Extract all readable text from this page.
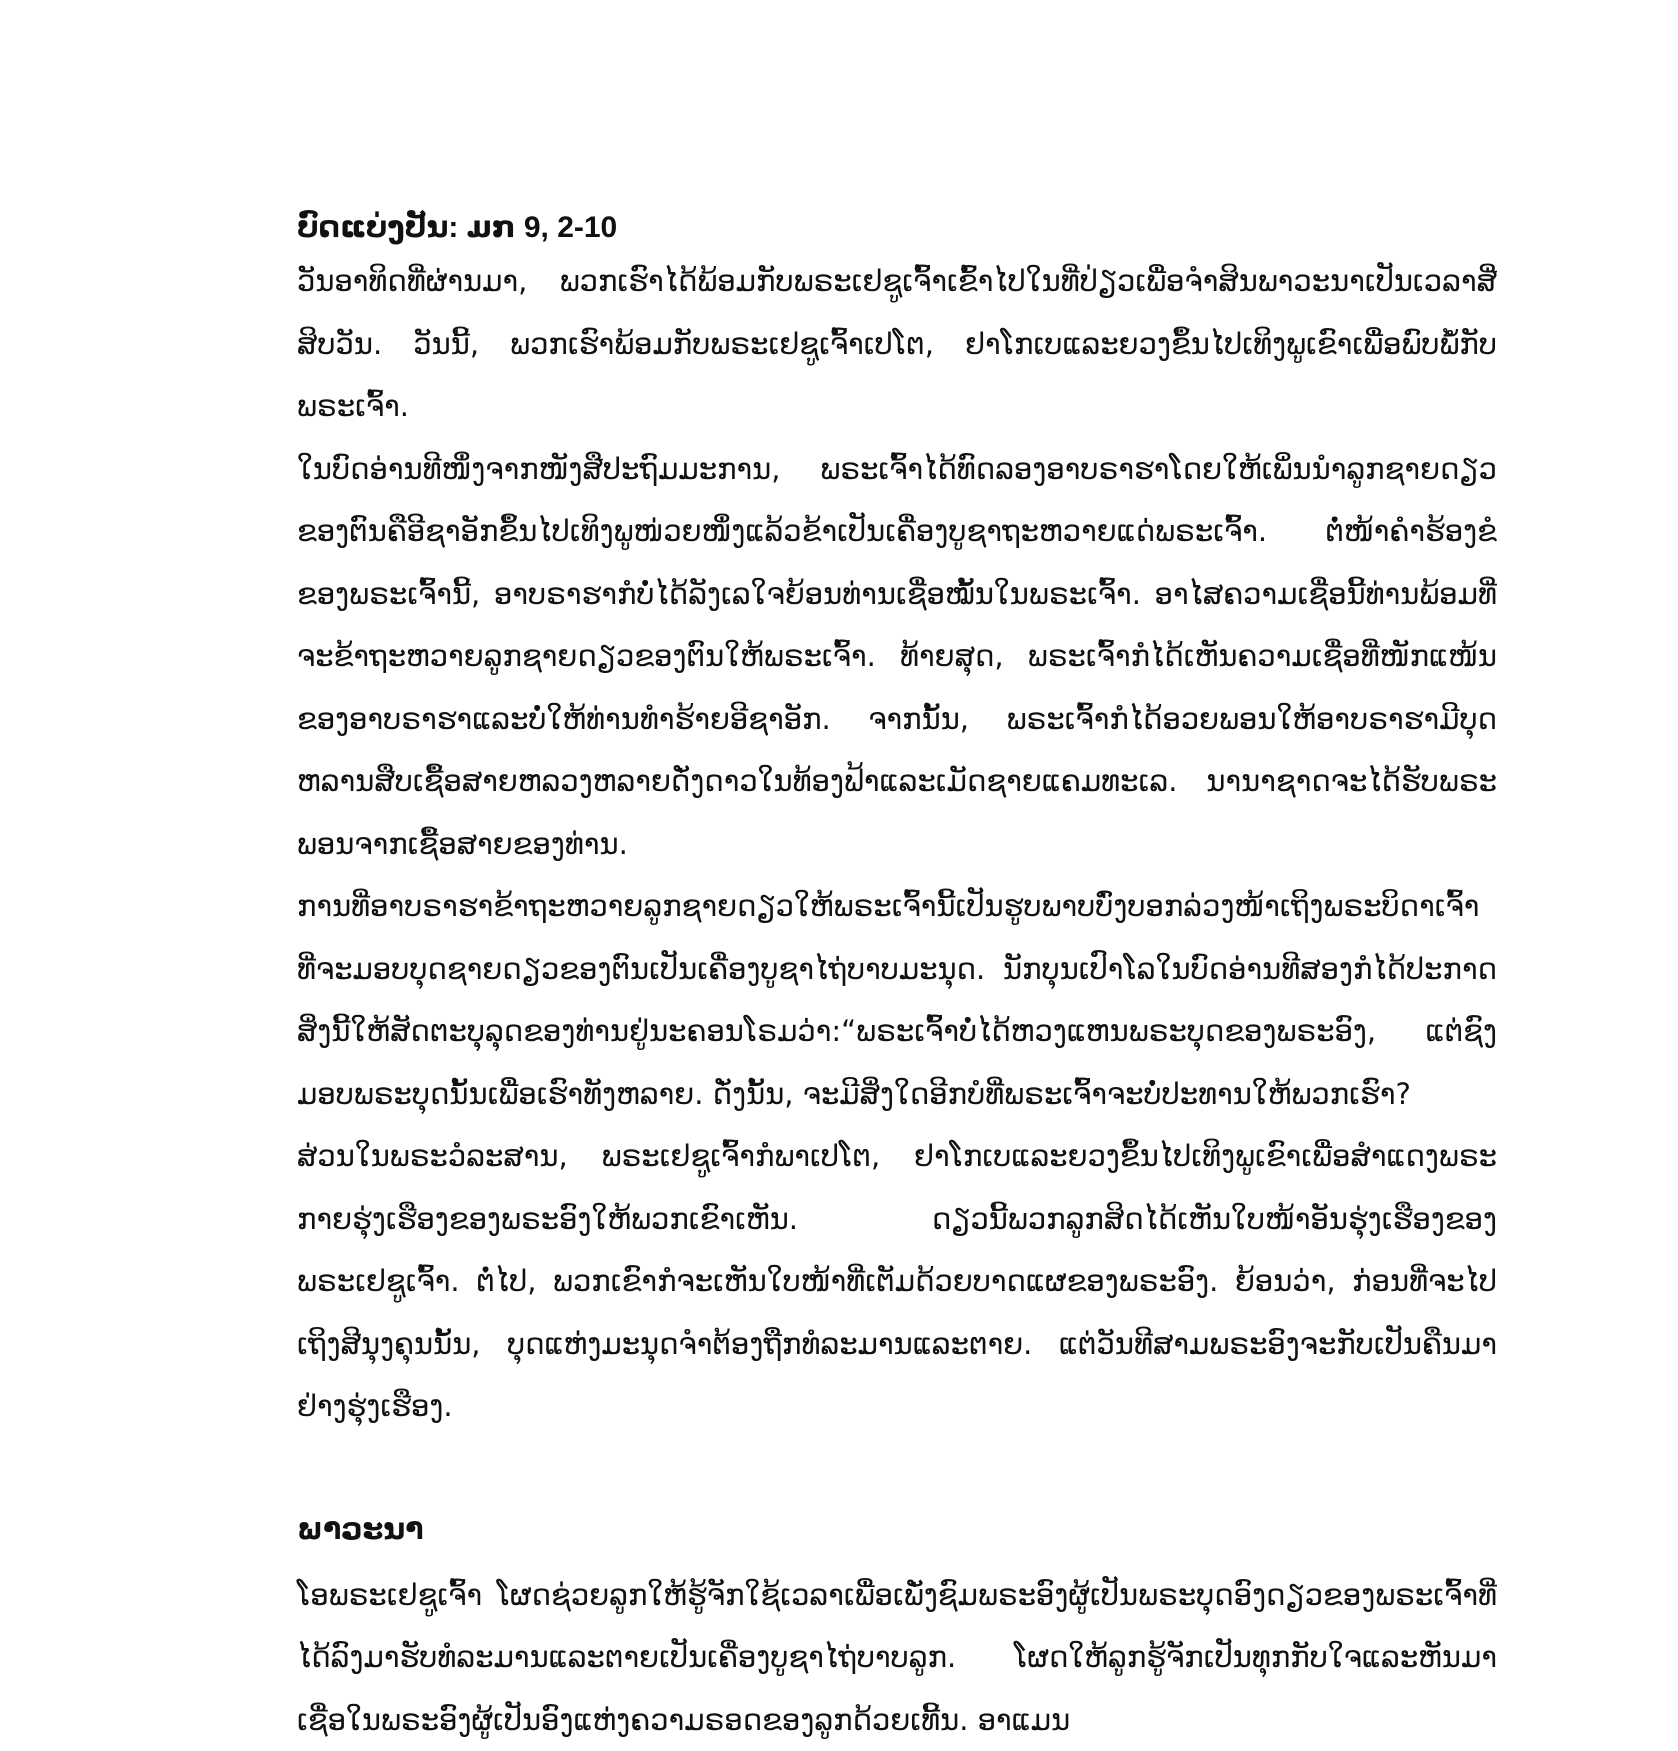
ບົດແບ່ງປັນ: ມກ 9, 2-10

ວັນອາທິດທີ່ຜ່ານມາ, ພວກເຮົາໄດ້ພ້ອມກັບພຣະເຢຊູເຈົ້າເຂົ້າໄປໃນທີ່ປ່ຽວເພື່ອຈຳສິນພາວະນາເປັນເວລາສີ່ສິບວັນ. ວັນນີ້, ພວກເຮົາພ້ອມກັບພຣະເຢຊູເຈົ້າເປໂຕ, ຢາໂກເບແລະຍວງຂຶ້ນໄປເທິງພູເຂົາເພື່ອພົບພໍ້ກັບພຣະເຈົ້າ.

ໃນບົດອ່ານທີໜຶ່ງຈາກໜັງສືປະຖົມມະການ, ພຣະເຈົ້າໄດ້ທົດລອງອາບຣາຮາໂດຍໃຫ້ເພິ່ນນຳລູກຊາຍດຽວຂອງຕົນຄືອີຊາອັກຂຶ້ນໄປເທິງພູໜ່ວຍໜຶ່ງແລ້ວຂ້າເປັນເຄື່ອງບູຊາຖະຫວາຍແດ່ພຣະເຈົ້າ. ຕໍ່ໜ້າຄຳຮ້ອງຂໍຂອງພຣະເຈົ້ານີ້, ອາບຣາຮາກໍບໍ່ໄດ້ລັງເລໃຈຍ້ອນທ່ານເຊື່ອໝັ້ນໃນພຣະເຈົ້າ. ອາໄສຄວາມເຊື່ອນີ້ທ່ານພ້ອມທີ່ຈະຂ້າຖະຫວາຍລູກຊາຍດຽວຂອງຕົນໃຫ້ພຣະເຈົ້າ. ທ້າຍສຸດ, ພຣະເຈົ້າກໍໄດ້ເຫັນຄວາມເຊື່ອທີ່ໜັກແໜ້ນຂອງອາບຣາຮາແລະບໍ່ໃຫ້ທ່ານທຳຮ້າຍອີຊາອັກ. ຈາກນັ້ນ, ພຣະເຈົ້າກໍໄດ້ອວຍພອນໃຫ້ອາບຣາຮາມີບຸດຫລານສືບເຊື້ອສາຍຫລວງຫລາຍດັ່ງດາວໃນທ້ອງຟ້າແລະເມັດຊາຍແຄມທະເລ. ນານາຊາດຈະໄດ້ຮັບພຣະພອນຈາກເຊື້ອສາຍຂອງທ່ານ.

ການທີ່ອາບຣາຮາຂ້າຖະຫວາຍລູກຊາຍດຽວໃຫ້ພຣະເຈົ້ານີ້ເປັນຮູບພາບບົ່ງບອກລ່ວງໜ້າເຖິງພຣະບິດາເຈົ້າທີ່ຈະມອບບຸດຊາຍດຽວຂອງຕົນເປັນເຄື່ອງບູຊາໄຖ່ບາບມະນຸດ. ນັກບຸນເປົາໂລໃນບົດອ່ານທີສອງກໍໄດ້ປະກາດສິ່ງນີ້ໃຫ້ສັດຕະບຸລຸດຂອງທ່ານຢູ່ນະຄອນໂຣມວ່າ:“ພຣະເຈົ້າບໍ່ໄດ້ຫວງແຫນພຣະບຸດຂອງພຣະອົງ, ແຕ່ຊົງມອບພຣະບຸດນັ້ນເພື່ອເຮົາທັງຫລາຍ. ດັ່ງນັ້ນ, ຈະມີສິ່ງໃດອີກບໍທີ່ພຣະເຈົ້າຈະບໍ່ປະທານໃຫ້ພວກເຮົາ?

ສ່ວນໃນພຣະວໍລະສານ, ພຣະເຢຊູເຈົ້າກໍພາເປໂຕ, ຢາໂກເບແລະຍວງຂຶ້ນໄປເທິງພູເຂົາເພື່ອສຳແດງພຣະກາຍຮຸ່ງເຮືອງຂອງພຣະອົງໃຫ້ພວກເຂົາເຫັນ. ດຽວນີ້ພວກລູກສິດໄດ້ເຫັນໃບໜ້າອັນຮຸ່ງເຮືອງຂອງພຣະເຢຊູເຈົ້າ. ຕໍ່ໄປ, ພວກເຂົາກໍຈະເຫັນໃບໜ້າທີ່ເຕັມດ້ວຍບາດແຜຂອງພຣະອົງ. ຍ້ອນວ່າ, ກ່ອນທີ່ຈະໄປເຖິງສີນຸງຄຸນນັ້ນ, ບຸດແຫ່ງມະນຸດຈຳຕ້ອງຖືກທໍລະມານແລະຕາຍ. ແຕ່ວັນທີສາມພຣະອົງຈະກັບເປັນຄືນມາຢ່າງຮຸ່ງເຮືອງ.

ພາວະນາ

ໂອພຣະເຢຊູເຈົ້າ ໂຜດຊ່ວຍລູກໃຫ້ຮູ້ຈັກໃຊ້ເວລາເພື່ອເພັ່ງຊົມພຣະອົງຜູ້ເປັນພຣະບຸດອົງດຽວຂອງພຣະເຈົ້າທີ່ໄດ້ລົງມາຮັບທໍລະມານແລະຕາຍເປັນເຄື່ອງບູຊາໄຖ່ບາບລູກ. ໂຜດໃຫ້ລູກຮູ້ຈັກເປັນທຸກກັບໃຈແລະຫັນມາເຊື່ອໃນພຣະອົງຜູ້ເປັນອົງແຫ່ງຄວາມຣອດຂອງລູກດ້ວຍເທີ້ນ. ອາແມນ
